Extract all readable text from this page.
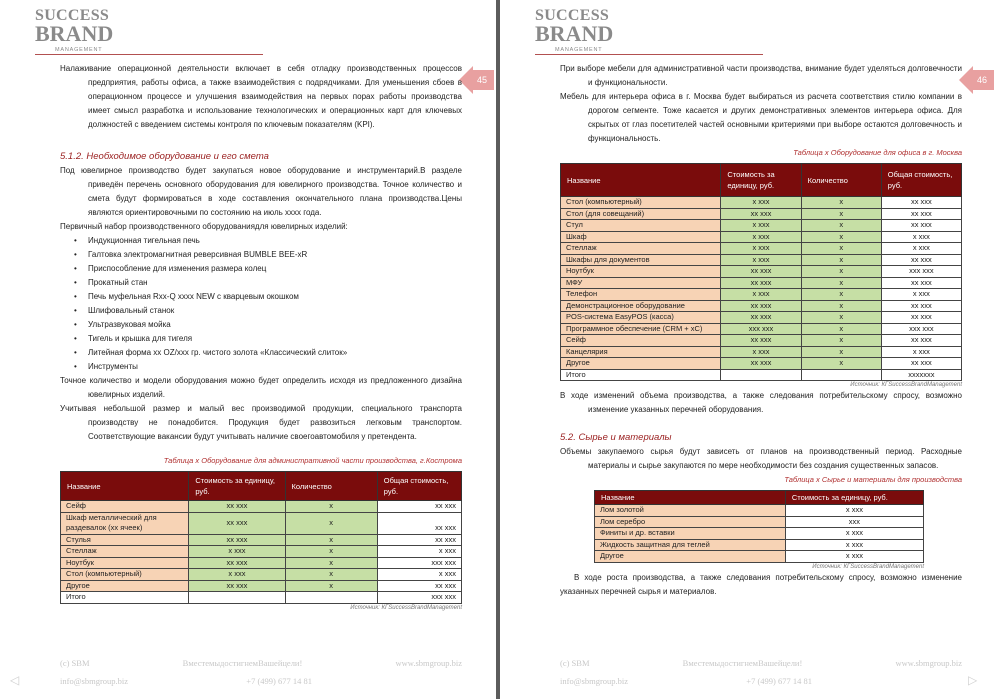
SUCCESS
BRAND
MANAGEMENT
45

Налаживание операционной деятельности включает в себя отладку производственных процессов предприятия, работы офиса, а также взаимодействия с подрядчиками. Для уменьшения сбоев в операционном процессе и улучшения взаимодействия на первых порах работы производства имеет смысл разработка и использование технологических и операционных карт для ключевых должностей с введением системы контроля по ключевым показателям (KPI).

5.1.2. Необходимое оборудование и его смета

Под ювелирное производство будет закупаться новое оборудование и инструментарий.В разделе приведён перечень основного оборудования для ювелирного производства. Точное количество и смета будут формироваться в ходе составления окончательного плана производства.Цены являются ориентировочными по состоянию на июль xxxx года.

Первичный набор производственного оборудованиядля ювелирных изделий:

• Индукционная тигельная печь
• Галтовка электромагнитная реверсивная BUMBLE BEE-xR
• Приспособление для изменения размера колец
• Прокатный стан
• Печь муфельная Rxx-Q xxxx NEW с кварцевым окошком
• Шлифовальный станок
• Ультразвуковая мойка
• Тигель и крышка для тигеля
• Литейная форма xx OZ/xxx гр. чистого золота «Классический слиток»
• Инструменты

Точное количество и модели оборудования можно будет определить исходя из предложенного дизайна ювелирных изделий.

Учитывая небольшой размер и малый вес производимой продукции, специального транспорта производству не понадобится. Продукция будет развозиться легковым транспортом. Соответствующие вакансии будут учитывать наличие своегоавтомобиля у претендента.

Таблица x Оборудование для административной части производства, г.Кострома
Название	Стоимость за единицу, руб.	Количество	Общая стоимость, руб.
Сейф	xx xxx	x	xx xxx
Шкаф металлический для раздевалок (xx ячеек)	xx xxx	x	xx xxx
Стулья	xx xxx	x	xx xxx
Стеллаж	x xxx	x	x xxx
Ноутбук	xx xxx	x	xxx xxx
Стол (компьютерный)	x xxx	x	x xxx
Другое	xx xxx	x	xx xxx
Итого			xxx xxx
Источник: КГSuccessBrandManagement
(c) SBM	ВместемыдостигнемВашейцели!	www.sbmgroup.biz
info@sbmgroup.biz	+7 (499) 677 14 81
◁
SUCCESS
BRAND
MANAGEMENT
46

При выборе мебели для административной части производства, внимание будет уделяться долговечности и функциональности.

Мебель для интерьера офиса в г. Москва будет выбираться из расчета соответствия стилю компании в дорогом сегменте. Тоже касается и других демонстративных элементов интерьера офиса. Для скрытых от глаз посетителей частей основными критериями при выборе остаются долговечность и функциональность.

Таблица x Оборудование для офиса в г. Москва
Название	Стоимость за единицу, руб.	Количество	Общая стоимость, руб.
Стол (компьютерный)	x xxx	x	xx xxx
Стол (для совещаний)	xx xxx	x	xx xxx
Стул	x xxx	x	xx xxx
Шкаф	x xxx	x	x xxx
Стеллаж	x xxx	x	x xxx
Шкафы для документов	x xxx	x	xx xxx
Ноутбук	xx xxx	x	xxx xxx
МФУ	xx xxx	x	xx xxx
Телефон	x xxx	x	x xxx
Демонстрационное оборудование	xx xxx	x	xx xxx
POS-система EasyPOS (касса)	xx xxx	x	xx xxx
Программное обеспечение (CRM + xС)	xxx xxx	x	xxx xxx
Сейф	xx xxx	x	xx xxx
Канцелярия	x xxx	x	x xxx
Другое	xx xxx	x	xx xxx
Итого			xxxxxxx
Источник: КГSuccessBrandManagement

В ходе изменений объема производства, а также следования потребительскому спросу, возможно изменение указанных перечней оборудования.

5.2. Сырье и материалы

Объемы закупаемого сырья будут зависеть от планов на производственный период. Расходные материалы и сырье закупаются по мере необходимости без создания существенных запасов.

Таблица x Сырье и материалы для производства
Название	Стоимость за единицу, руб.
Лом золотой	x xxx
Лом серебро	xxx
Финиты и др. вставки	x xxx
Жидкость защитная для теглей	x xxx
Другое	x xxx
Источник: КГSuccessBrandManagement

В ходе роста производства, а также следования потребительскому спросу, возможно изменение указанных перечней сырья и материалов.

(c) SBM	ВместемыдостигнемВашейцели!	www.sbmgroup.biz
info@sbmgroup.biz	+7 (499) 677 14 81	▷
